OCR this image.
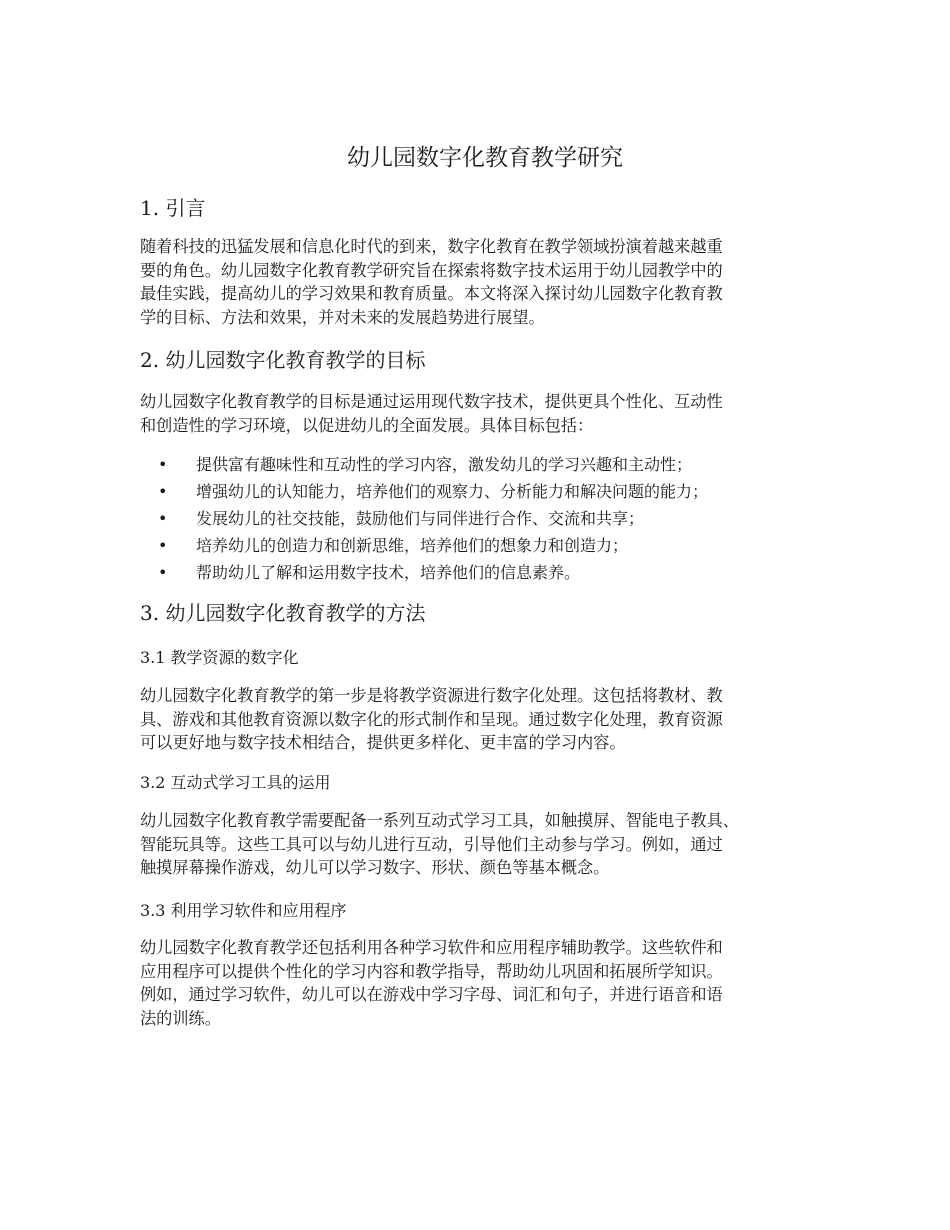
幼儿园数字化教育教学研究
1. 引言

随着科技的迅猛发展和信息化时代的到来，数字化教育在教学领域扮演着越来越重
要的角色。幼儿园数字化教育教学研究旨在探索将数字技术运用于幼儿园教学中的
最佳实践，提高幼儿的学习效果和教育质量。本文将深入探讨幼儿园数字化教育教
学的目标、方法和效果，并对未来的发展趋势进行展望。

2. 幼儿园数字化教育教学的目标

幼儿园数字化教育教学的目标是通过运用现代数字技术，提供更具个性化、互动性
和创造性的学习环境，以促进幼儿的全面发展。具体目标包括：

• 提供富有趣味性和互动性的学习内容，激发幼儿的学习兴趣和主动性；
• 增强幼儿的认知能力，培养他们的观察力、分析能力和解决问题的能力；
• 发展幼儿的社交技能，鼓励他们与同伴进行合作、交流和共享；
• 培养幼儿的创造力和创新思维，培养他们的想象力和创造力；
• 帮助幼儿了解和运用数字技术，培养他们的信息素养。
3. 幼儿园数字化教育教学的方法
3.1 教学资源的数字化

幼儿园数字化教育教学的第一步是将教学资源进行数字化处理。这包括将教材、教
具、游戏和其他教育资源以数字化的形式制作和呈现。通过数字化处理，教育资源
可以更好地与数字技术相结合，提供更多样化、更丰富的学习内容。

3.2 互动式学习工具的运用

幼儿园数字化教育教学需要配备一系列互动式学习工具，如触摸屏、智能电子教具、
智能玩具等。这些工具可以与幼儿进行互动，引导他们主动参与学习。例如，通过
触摸屏幕操作游戏，幼儿可以学习数字、形状、颜色等基本概念。

3.3 利用学习软件和应用程序

幼儿园数字化教育教学还包括利用各种学习软件和应用程序辅助教学。这些软件和
应用程序可以提供个性化的学习内容和教学指导，帮助幼儿巩固和拓展所学知识。
例如，通过学习软件，幼儿可以在游戏中学习字母、词汇和句子，并进行语音和语
法的训练。
